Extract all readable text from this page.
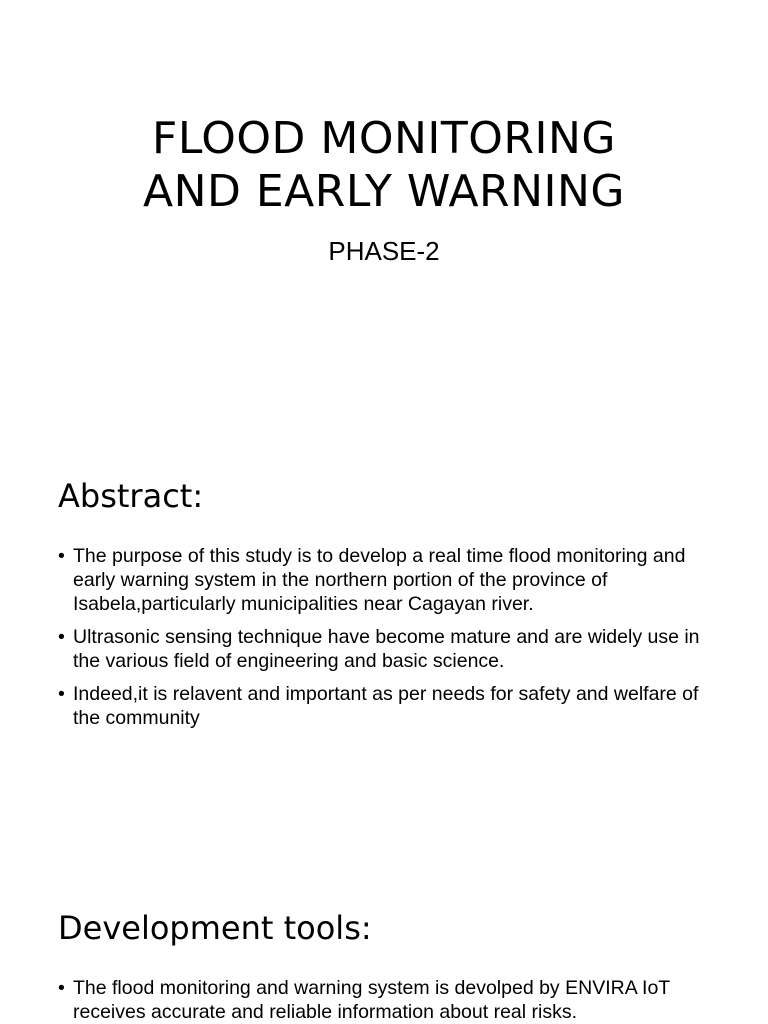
FLOOD MONITORING
AND EARLY WARNING
PHASE-2
Abstract:
• The purpose of this study is to develop a real time flood monitoring and early warning system in the northern portion of the province of Isabela,particularly municipalities near Cagayan river.
• Ultrasonic sensing technique have become mature and are widely use in the various field of engineering and basic science.
• Indeed,it is relavent and important as per needs for safety and welfare of the community
Development tools:
• The flood monitoring and warning system is devolped by ENVIRA IoT receives accurate and reliable information about real risks.
